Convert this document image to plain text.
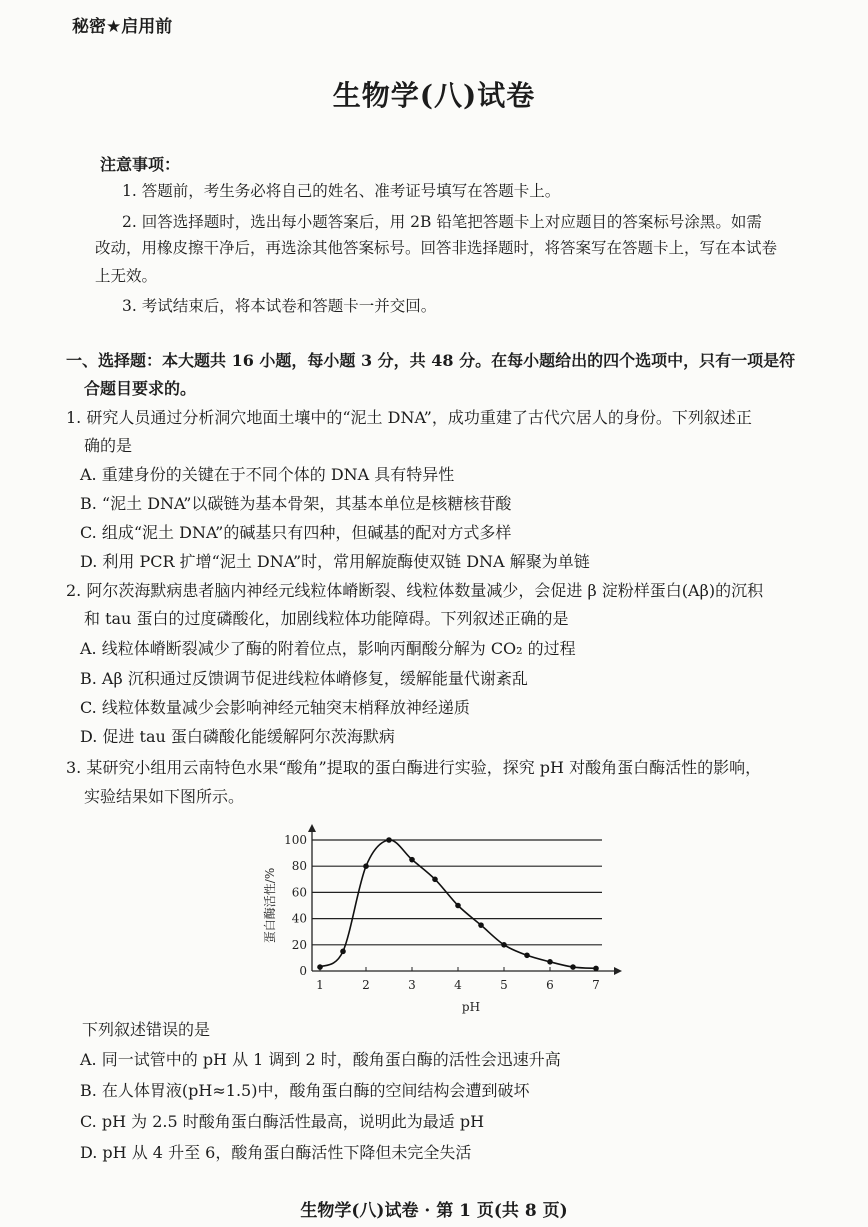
秘密★启用前
生物学(八)试卷
注意事项：
1. 答题前，考生务必将自己的姓名、准考证号填写在答题卡上。
2. 回答选择题时，选出每小题答案后，用 2B 铅笔把答题卡上对应题目的答案标号涂黑。如需
改动，用橡皮擦干净后，再选涂其他答案标号。回答非选择题时，将答案写在答题卡上，写在本试卷
上无效。
3. 考试结束后，将本试卷和答题卡一并交回。
一、选择题：本大题共 16 小题，每小题 3 分，共 48 分。在每小题给出的四个选项中，只有一项是符
合题目要求的。
1. 研究人员通过分析洞穴地面土壤中的“泥土 DNA”，成功重建了古代穴居人的身份。下列叙述正
确的是
A. 重建身份的关键在于不同个体的 DNA 具有特异性
B. “泥土 DNA”以碳链为基本骨架，其基本单位是核糖核苷酸
C. 组成“泥土 DNA”的碱基只有四种，但碱基的配对方式多样
D. 利用 PCR 扩增“泥土 DNA”时，常用解旋酶使双链 DNA 解聚为单链
2. 阿尔茨海默病患者脑内神经元线粒体嵴断裂、线粒体数量减少，会促进 β 淀粉样蛋白(Aβ)的沉积
和 tau 蛋白的过度磷酸化，加剧线粒体功能障碍。下列叙述正确的是
A. 线粒体嵴断裂减少了酶的附着位点，影响丙酮酸分解为 CO₂ 的过程
B. Aβ 沉积通过反馈调节促进线粒体嵴修复，缓解能量代谢紊乱
C. 线粒体数量减少会影响神经元轴突末梢释放神经递质
D. 促进 tau 蛋白磷酸化能缓解阿尔茨海默病
3. 某研究小组用云南特色水果“酸角”提取的蛋白酶进行实验，探究 pH 对酸角蛋白酶活性的影响，
实验结果如下图所示。
0
20
40
60
80
100
1	2	3	4	5	6	7
pH
蛋白酶活性/%
下列叙述错误的是
A. 同一试管中的 pH 从 1 调到 2 时，酸角蛋白酶的活性会迅速升高
B. 在人体胃液(pH≈1.5)中，酸角蛋白酶的空间结构会遭到破坏
C. pH 为 2.5 时酸角蛋白酶活性最高，说明此为最适 pH
D. pH 从 4 升至 6，酸角蛋白酶活性下降但未完全失活
生物学(八)试卷 · 第 1 页(共 8 页)
